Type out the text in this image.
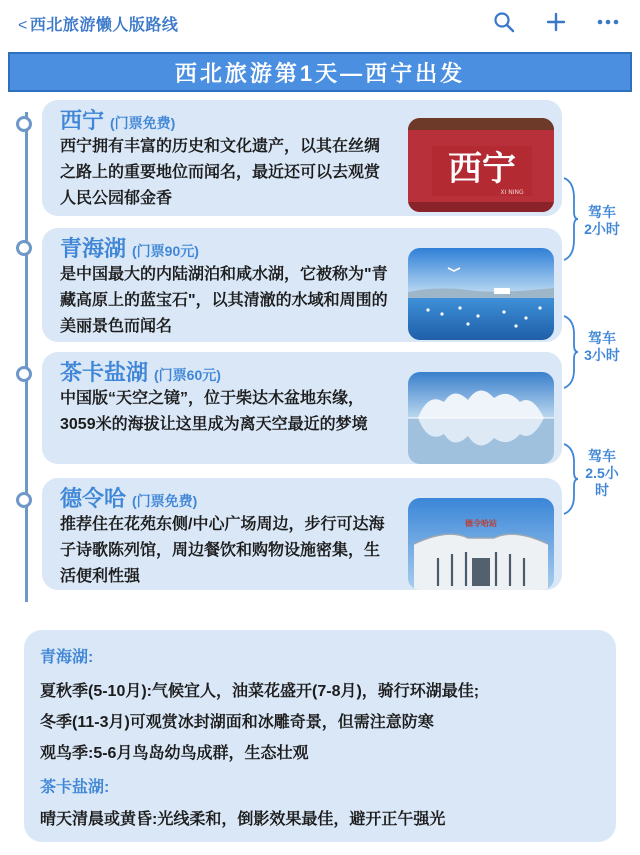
< 西北旅游懒人版路线
西北旅游第1天—西宁出发
西宁 (门票免费)
西宁拥有丰富的历史和文化遗产，以其在丝绸之路上的重要地位而闻名，最近还可以去观赏人民公园郁金香
西宁
XI NING
青海湖 (门票90元)
是中国最大的内陆湖泊和咸水湖，它被称为"青藏高原上的蓝宝石"，以其清澈的水域和周围的美丽景色而闻名
茶卡盐湖 (门票60元)
中国版“天空之镜”，位于柴达木盆地东缘，3059米的海拔让这里成为离天空最近的梦境
德令哈 (门票免费)
推荐住在花苑东侧/中心广场周边，步行可达海子诗歌陈列馆，周边餐饮和购物设施密集，生活便利性强
德令哈站
驾车
2小时
驾车
3小时
驾车
2.5小
时
青海湖:
夏秋季(5-10月):气候宜人，油菜花盛开(7-8月)，骑行环湖最佳;
冬季(11-3月)可观赏冰封湖面和冰雕奇景，但需注意防寒
观鸟季:5-6月鸟岛幼鸟成群，生态壮观
茶卡盐湖:
晴天清晨或黄昏:光线柔和，倒影效果最佳，避开正午强光
